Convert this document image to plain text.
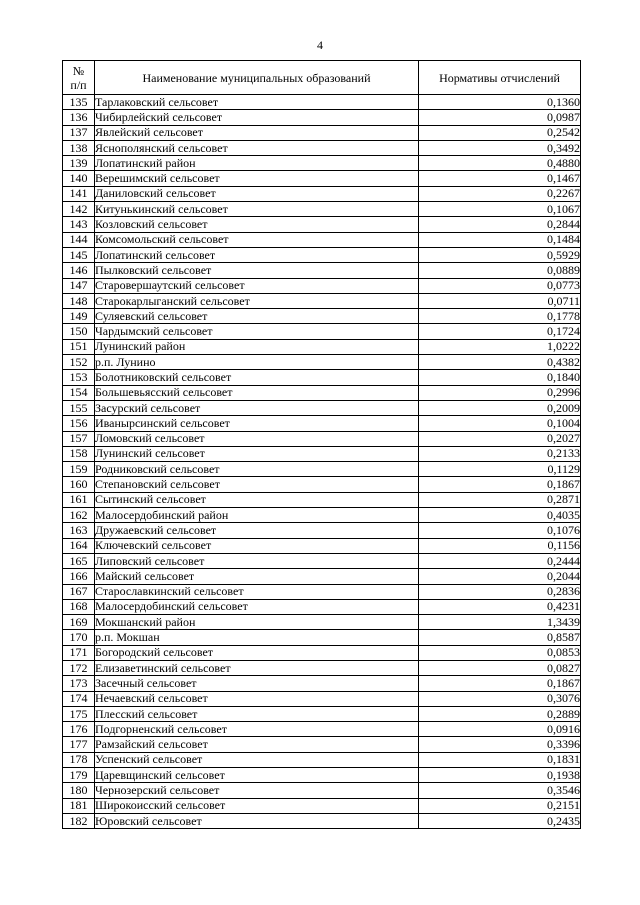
4
№
п/п	Наименование муниципальных образований	Нормативы отчислений
135	Тарлаковский сельсовет	0,1360
136	Чибирлейский сельсовет	0,0987
137	Явлейский сельсовет	0,2542
138	Яснополянский сельсовет	0,3492
139	Лопатинский район	0,4880
140	Верешимский сельсовет	0,1467
141	Даниловский сельсовет	0,2267
142	Китунькинский сельсовет	0,1067
143	Козловский сельсовет	0,2844
144	Комсомольский сельсовет	0,1484
145	Лопатинский сельсовет	0,5929
146	Пылковский сельсовет	0,0889
147	Старовершаутский сельсовет	0,0773
148	Старокарлыганский сельсовет	0,0711
149	Суляевский сельсовет	0,1778
150	Чардымский сельсовет	0,1724
151	Лунинский район	1,0222
152	р.п. Лунино	0,4382
153	Болотниковский сельсовет	0,1840
154	Большевьясский сельсовет	0,2996
155	Засурский сельсовет	0,2009
156	Иванырсинский сельсовет	0,1004
157	Ломовский сельсовет	0,2027
158	Лунинский сельсовет	0,2133
159	Родниковский сельсовет	0,1129
160	Степановский сельсовет	0,1867
161	Сытинский сельсовет	0,2871
162	Малосердобинский район	0,4035
163	Дружаевский сельсовет	0,1076
164	Ключевский сельсовет	0,1156
165	Липовский сельсовет	0,2444
166	Майский сельсовет	0,2044
167	Старославкинский сельсовет	0,2836
168	Малосердобинский сельсовет	0,4231
169	Мокшанский район	1,3439
170	р.п. Мокшан	0,8587
171	Богородский сельсовет	0,0853
172	Елизаветинский сельсовет	0,0827
173	Засечный сельсовет	0,1867
174	Нечаевский сельсовет	0,3076
175	Плесский сельсовет	0,2889
176	Подгорненский сельсовет	0,0916
177	Рамзайский сельсовет	0,3396
178	Успенский сельсовет	0,1831
179	Царевщинский сельсовет	0,1938
180	Чернозерский сельсовет	0,3546
181	Широкоисский сельсовет	0,2151
182	Юровский сельсовет	0,2435
